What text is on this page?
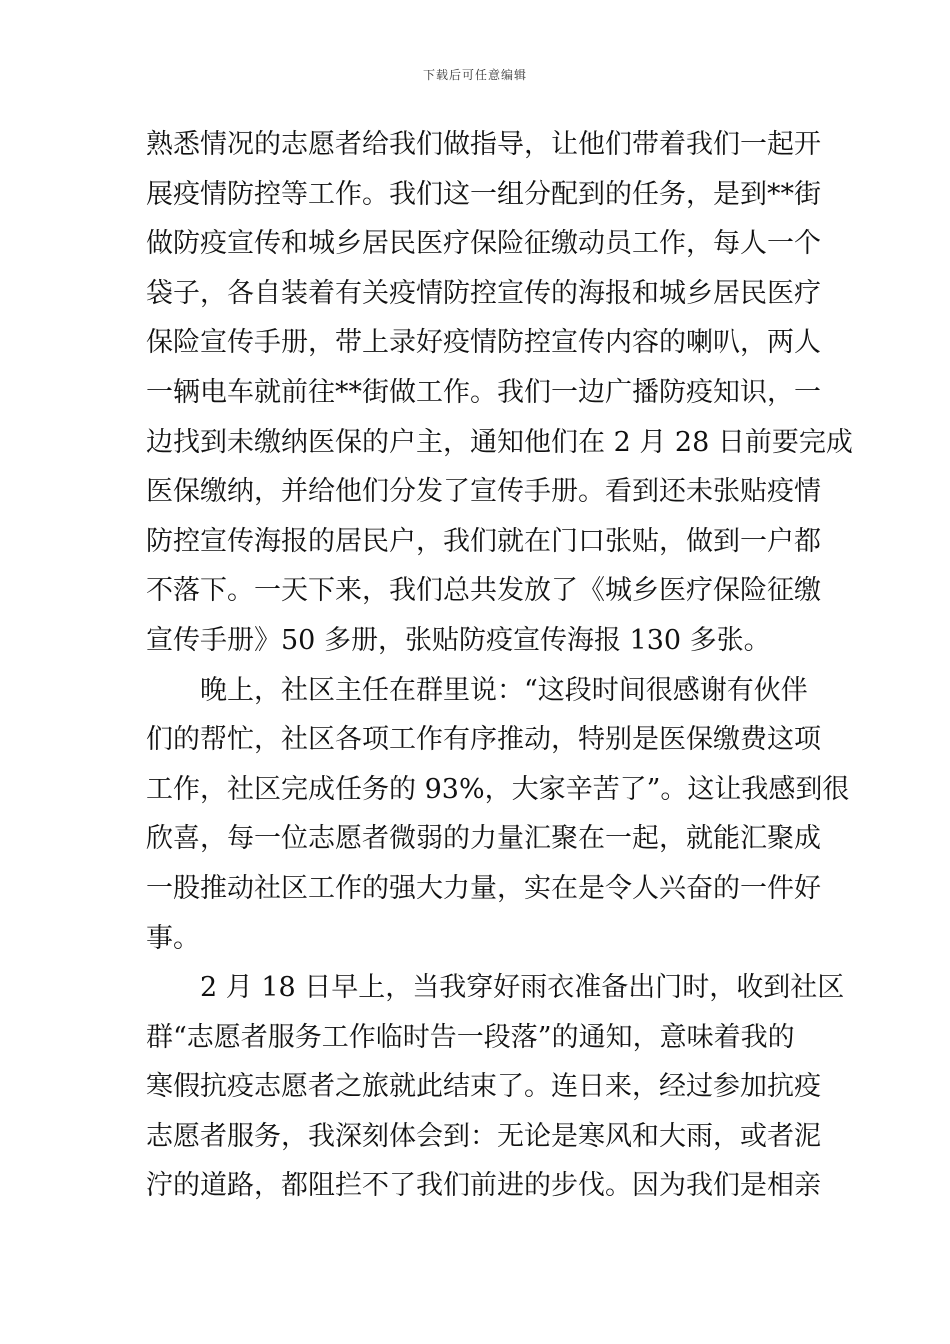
下载后可任意编辑
熟悉情况的志愿者给我们做指导，让他们带着我们一起开
展疫情防控等工作。我们这一组分配到的任务，是到**街
做防疫宣传和城乡居民医疗保险征缴动员工作，每人一个
袋子，各自装着有关疫情防控宣传的海报和城乡居民医疗
保险宣传手册，带上录好疫情防控宣传内容的喇叭，两人
一辆电车就前往**街做工作。我们一边广播防疫知识，一
边找到未缴纳医保的户主，通知他们在 2 月 28 日前要完成
医保缴纳，并给他们分发了宣传手册。看到还未张贴疫情
防控宣传海报的居民户，我们就在门口张贴，做到一户都
不落下。一天下来，我们总共发放了《城乡医疗保险征缴
宣传手册》50 多册，张贴防疫宣传海报 130 多张。
晚上，社区主任在群里说：“这段时间很感谢有伙伴
们的帮忙，社区各项工作有序推动，特别是医保缴费这项
工作，社区完成任务的 93%，大家辛苦了”。这让我感到很
欣喜，每一位志愿者微弱的力量汇聚在一起，就能汇聚成
一股推动社区工作的强大力量，实在是令人兴奋的一件好
事。
2 月 18 日早上，当我穿好雨衣准备出门时，收到社区
群“志愿者服务工作临时告一段落”的通知，意味着我的
寒假抗疫志愿者之旅就此结束了。连日来，经过参加抗疫
志愿者服务，我深刻体会到：无论是寒风和大雨，或者泥
泞的道路，都阻拦不了我们前进的步伐。因为我们是相亲
